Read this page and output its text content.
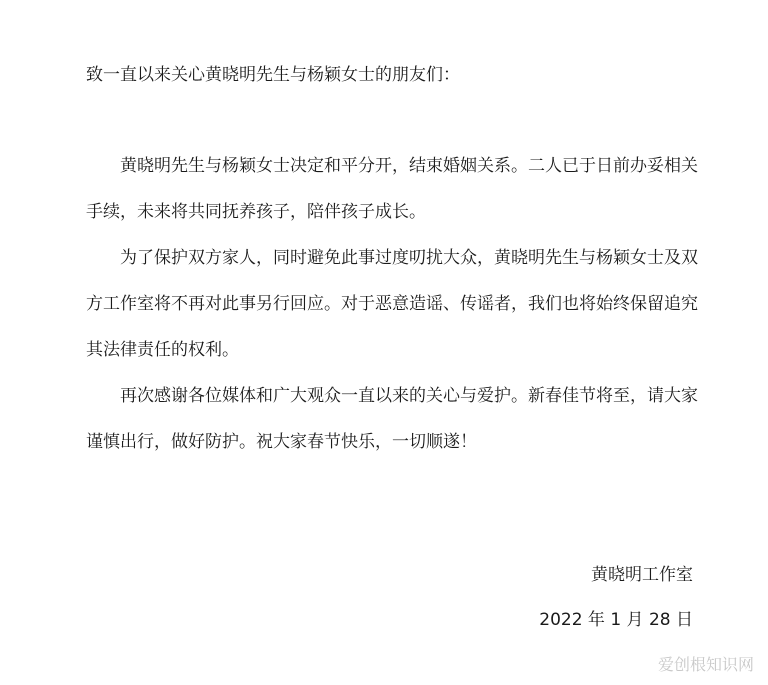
致一直以来关心黄晓明先生与杨颖女士的朋友们：

黄晓明先生与杨颖女士决定和平分开，结束婚姻关系。二人已于日前办妥相关手续，未来将共同抚养孩子，陪伴孩子成长。

为了保护双方家人，同时避免此事过度叨扰大众，黄晓明先生与杨颖女士及双方工作室将不再对此事另行回应。对于恶意造谣、传谣者，我们也将始终保留追究其法律责任的权利。

再次感谢各位媒体和广大观众一直以来的关心与爱护。新春佳节将至，请大家谨慎出行，做好防护。祝大家春节快乐，一切顺遂！

黄晓明工作室
2022 年 1 月 28 日
爱创根知识网
